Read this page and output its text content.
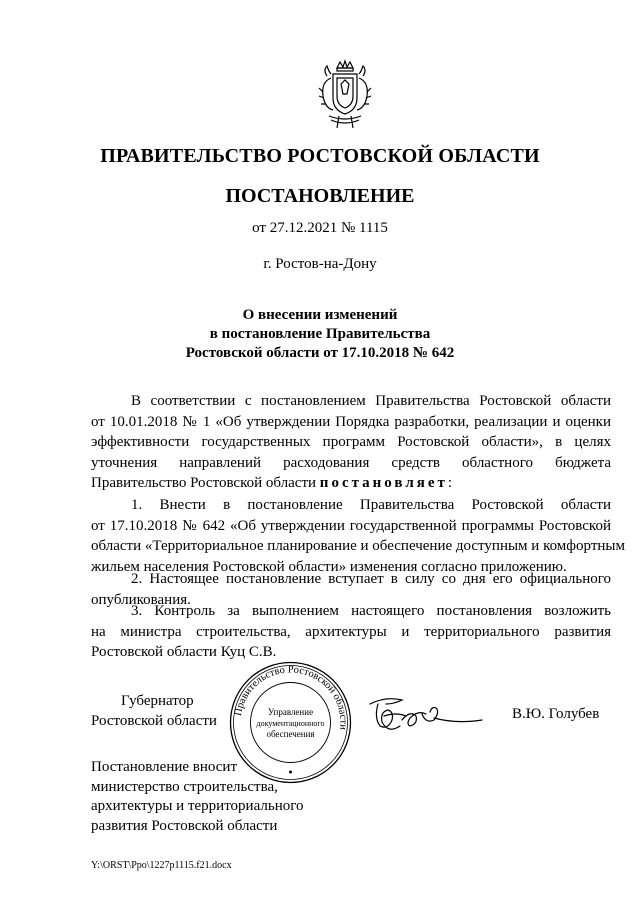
ПРАВИТЕЛЬСТВО РОСТОВСКОЙ ОБЛАСТИ
ПОСТАНОВЛЕНИЕ
от 27.12.2021 № 1115
г. Ростов-на-Дону
О внесении изменений
в постановление Правительства
Ростовской области от 17.10.2018 № 642
В соответствии с постановлением Правительства Ростовской области
от 10.01.2018 № 1 «Об утверждении Порядка разработки, реализации и оценки
эффективности государственных программ Ростовской области», в целях
уточнения направлений расходования средств областного бюджета
Правительство Ростовской области постановляет:
1. Внести в постановление Правительства Ростовской области
от 17.10.2018 № 642 «Об утверждении государственной программы Ростовской
области «Территориальное планирование и обеспечение доступным и комфортным
жильем населения Ростовской области» изменения согласно приложению.
2. Настоящее постановление вступает в силу со дня его официального
опубликования.
3. Контроль за выполнением настоящего постановления возложить
на министра строительства, архитектуры и территориального развития
Ростовской области Куц С.В.
Губернатор
Ростовской области
Правительство Ростовской области
Управление
документационного
обеспечения
В.Ю. Голубев
Постановление вносит
министерство строительства,
архитектуры и территориального
развития Ростовской области
Y:\ORST\Ppo\1227p1115.f21.docx
